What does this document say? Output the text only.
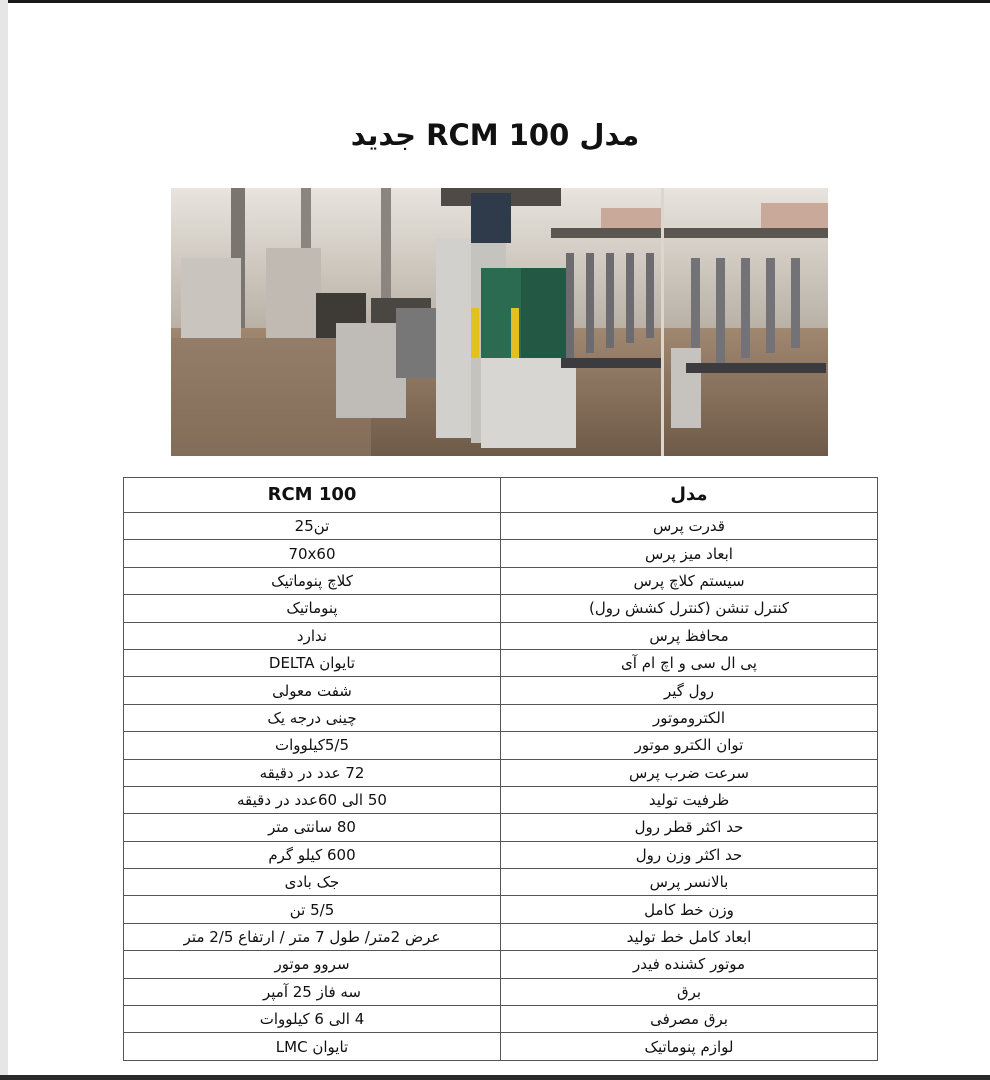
مدل RCM 100 جدید
RCM 100	مدل
تن25	قدرت پرس
70x60	ابعاد میز پرس
کلاچ پنوماتیک	سیستم کلاچ پرس
پنوماتیک	کنترل تنشن (کنترل کشش رول)
ندارد	محافظ پرس
تایوان DELTA	پی ال سی و اچ ام آی
شفت معولی	رول گیر
چینی درجه یک	الکتروموتور
5/5کیلووات	توان الکترو موتور
72 عدد در دقیقه	سرعت ضرب پرس
50 الی 60عدد در دقیقه	ظرفیت تولید
80 سانتی متر	حد اکثر قطر رول
600 کیلو گرم	حد اکثر وزن رول
جک بادی	بالانسر پرس
5/5 تن	وزن خط کامل
عرض 2متر/ طول 7 متر / ارتفاع 2/5 متر	ابعاد کامل خط تولید
سروو موتور	موتور کشنده فیدر
سه فاز 25 آمپر	برق
4 الی 6 کیلووات	برق مصرفی
تایوان LMC	لوازم پنوماتیک
